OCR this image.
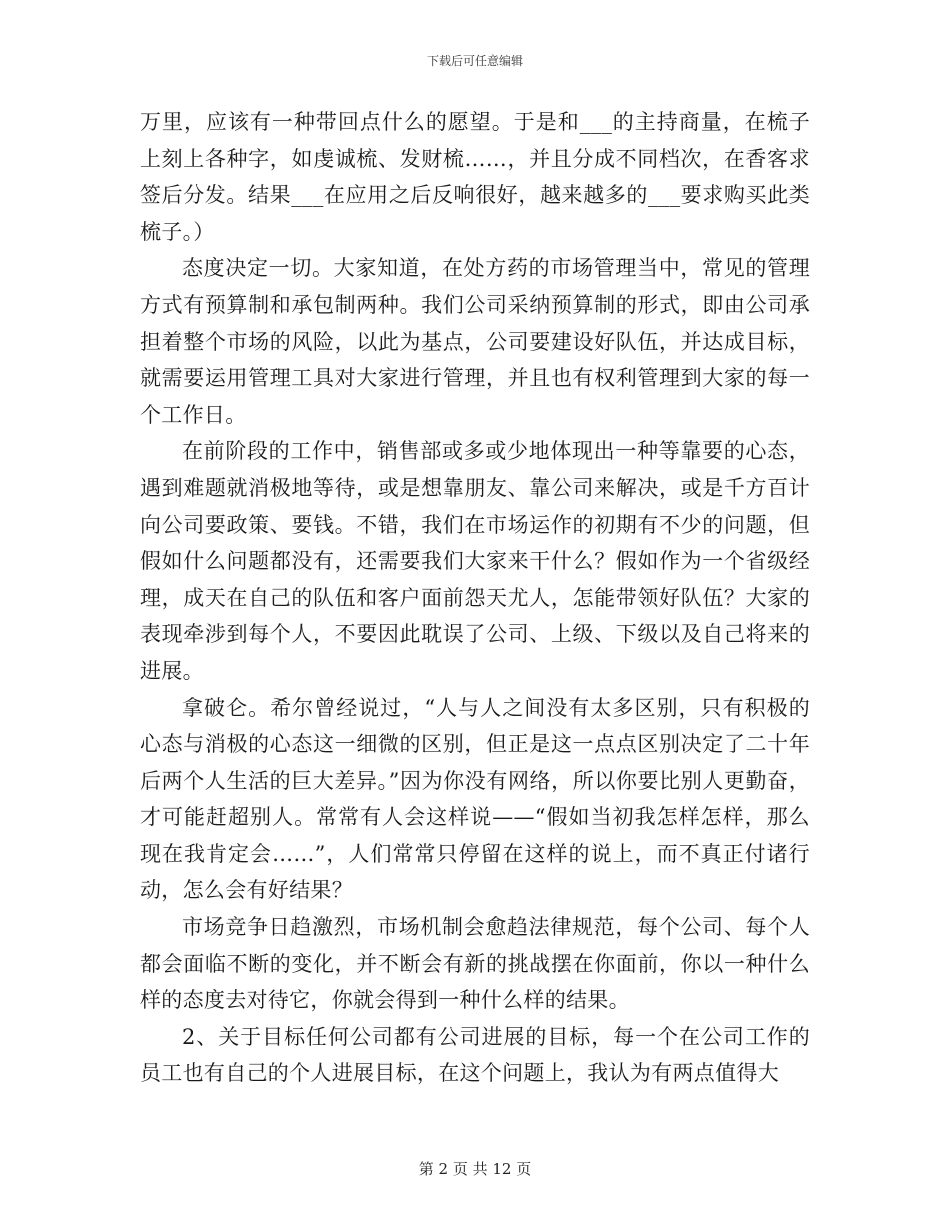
下载后可任意编辑

万里，应该有一种带回点什么的愿望。于是和___的主持商量，在梳子上刻上各种字，如虔诚梳、发财梳……，并且分成不同档次，在香客求签后分发。结果___在应用之后反响很好，越来越多的___要求购买此类梳子。）

态度决定一切。大家知道，在处方药的市场管理当中，常见的管理方式有预算制和承包制两种。我们公司采纳预算制的形式，即由公司承担着整个市场的风险，以此为基点，公司要建设好队伍，并达成目标，就需要运用管理工具对大家进行管理，并且也有权利管理到大家的每一个工作日。

在前阶段的工作中，销售部或多或少地体现出一种等靠要的心态，遇到难题就消极地等待，或是想靠朋友、靠公司来解决，或是千方百计向公司要政策、要钱。不错，我们在市场运作的初期有不少的问题，但假如什么问题都没有，还需要我们大家来干什么？假如作为一个省级经理，成天在自己的队伍和客户面前怨天尤人，怎能带领好队伍？大家的表现牵涉到每个人，不要因此耽误了公司、上级、下级以及自己将来的进展。

拿破仑。希尔曾经说过，“人与人之间没有太多区别，只有积极的心态与消极的心态这一细微的区别，但正是这一点点区别决定了二十年后两个人生活的巨大差异。”因为你没有网络，所以你要比别人更勤奋，才可能赶超别人。常常有人会这样说——“假如当初我怎样怎样，那么现在我肯定会……”，人们常常只停留在这样的说上，而不真正付诸行动，怎么会有好结果？

市场竞争日趋激烈，市场机制会愈趋法律规范，每个公司、每个人都会面临不断的变化，并不断会有新的挑战摆在你面前，你以一种什么样的态度去对待它，你就会得到一种什么样的结果。

2、关于目标任何公司都有公司进展的目标，每一个在公司工作的员工也有自己的个人进展目标，在这个问题上，我认为有两点值得大

第 2 页 共 12 页
